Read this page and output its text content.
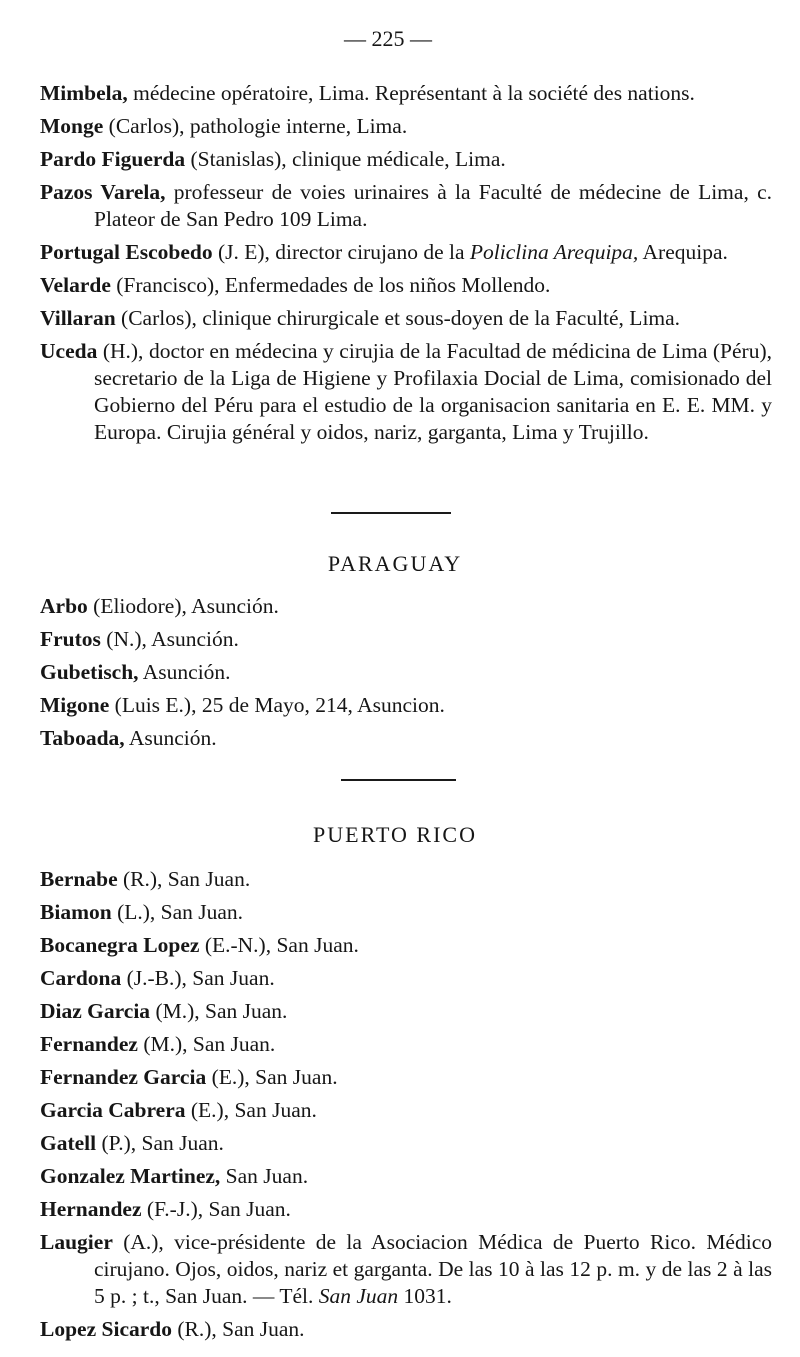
— 225 —

Mimbela, médecine opératoire, Lima. Représentant à la société des nations.

Monge (Carlos), pathologie interne, Lima.

Pardo Figuerda (Stanislas), clinique médicale, Lima.

Pazos Varela, professeur de voies urinaires à la Faculté de médecine de Lima, c. Plateor de San Pedro 109 Lima.

Portugal Escobedo (J. E), director cirujano de la Policlina Arequipa, Arequipa.

Velarde (Francisco), Enfermedades de los niños Mollendo.

Villaran (Carlos), clinique chirurgicale et sous-doyen de la Faculté, Lima.

Uceda (H.), doctor en médecina y cirujia de la Facultad de médicina de Lima (Péru), secretario de la Liga de Higiene y Profilaxia Docial de Lima, comisionado del Gobierno del Péru para el estudio de la organisacion sanitaria en E. E. MM. y Europa. Cirujia général y oidos, nariz, garganta, Lima y Trujillo.

PARAGUAY

Arbo (Eliodore), Asunción.

Frutos (N.), Asunción.

Gubetisch, Asunción.

Migone (Luis E.), 25 de Mayo, 214, Asuncion.

Taboada, Asunción.

PUERTO RICO

Bernabe (R.), San Juan.

Biamon (L.), San Juan.

Bocanegra Lopez (E.-N.), San Juan.

Cardona (J.-B.), San Juan.

Diaz Garcia (M.), San Juan.

Fernandez (M.), San Juan.

Fernandez Garcia (E.), San Juan.

Garcia Cabrera (E.), San Juan.

Gatell (P.), San Juan.

Gonzalez Martinez, San Juan.

Hernandez (F.-J.), San Juan.

Laugier (A.), vice-présidente de la Asociacion Médica de Puerto Rico. Médico cirujano. Ojos, oidos, nariz et garganta. De las 10 à las 12 p. m. y de las 2 à las 5 p. ; t., San Juan. — Tél. San Juan 1031.

Lopez Sicardo (R.), San Juan.
